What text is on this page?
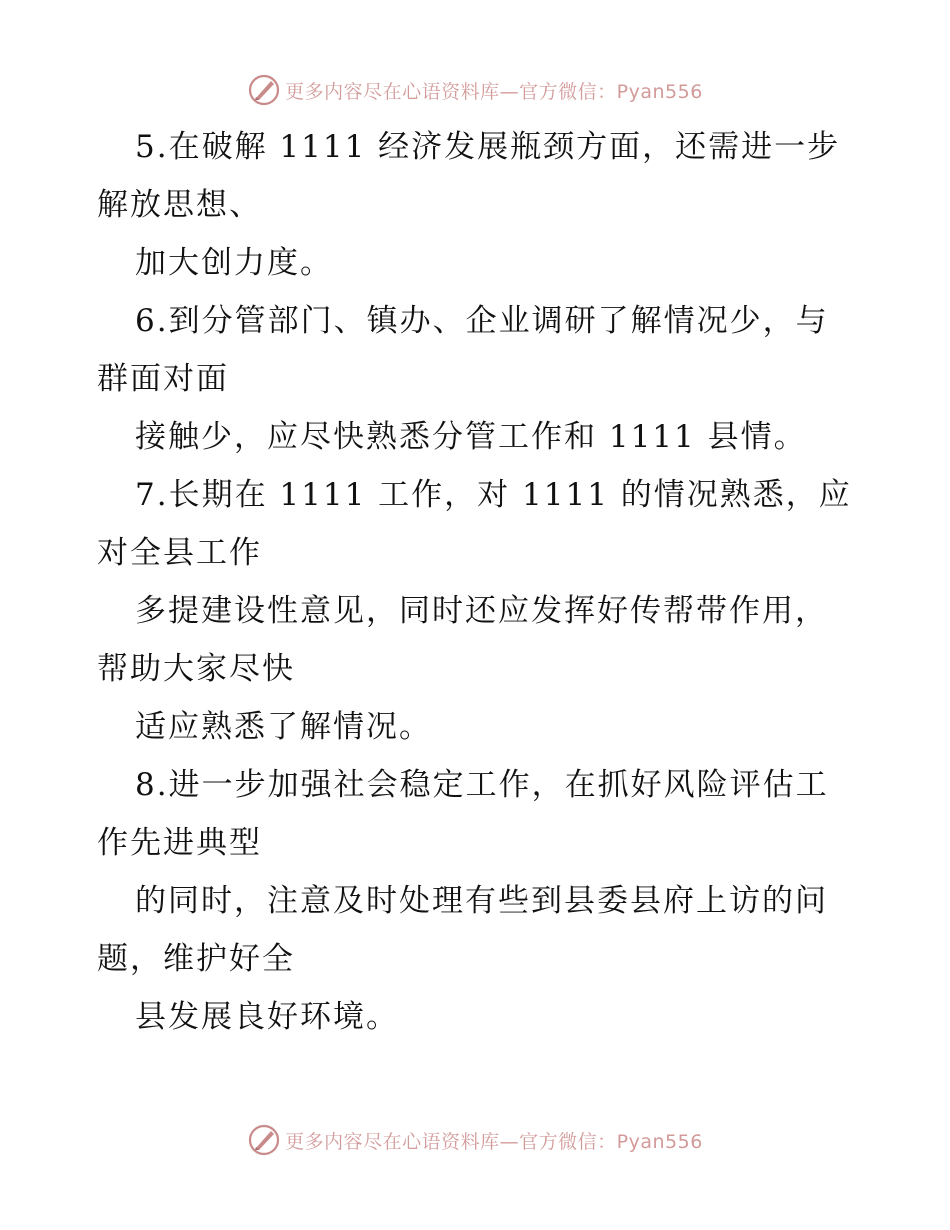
更多内容尽在心语资料库—官方微信：Pyan556
5.在破解 1111 经济发展瓶颈方面，还需进一步
解放思想、
加大创力度。
6.到分管部门、镇办、企业调研了解情况少，与
群面对面
接触少，应尽快熟悉分管工作和 1111 县情。
7.长期在 1111 工作，对 1111 的情况熟悉，应
对全县工作
多提建设性意见，同时还应发挥好传帮带作用，
帮助大家尽快
适应熟悉了解情况。
8.进一步加强社会稳定工作，在抓好风险评估工
作先进典型
的同时，注意及时处理有些到县委县府上访的问
题，维护好全
县发展良好环境。
更多内容尽在心语资料库—官方微信：Pyan556
